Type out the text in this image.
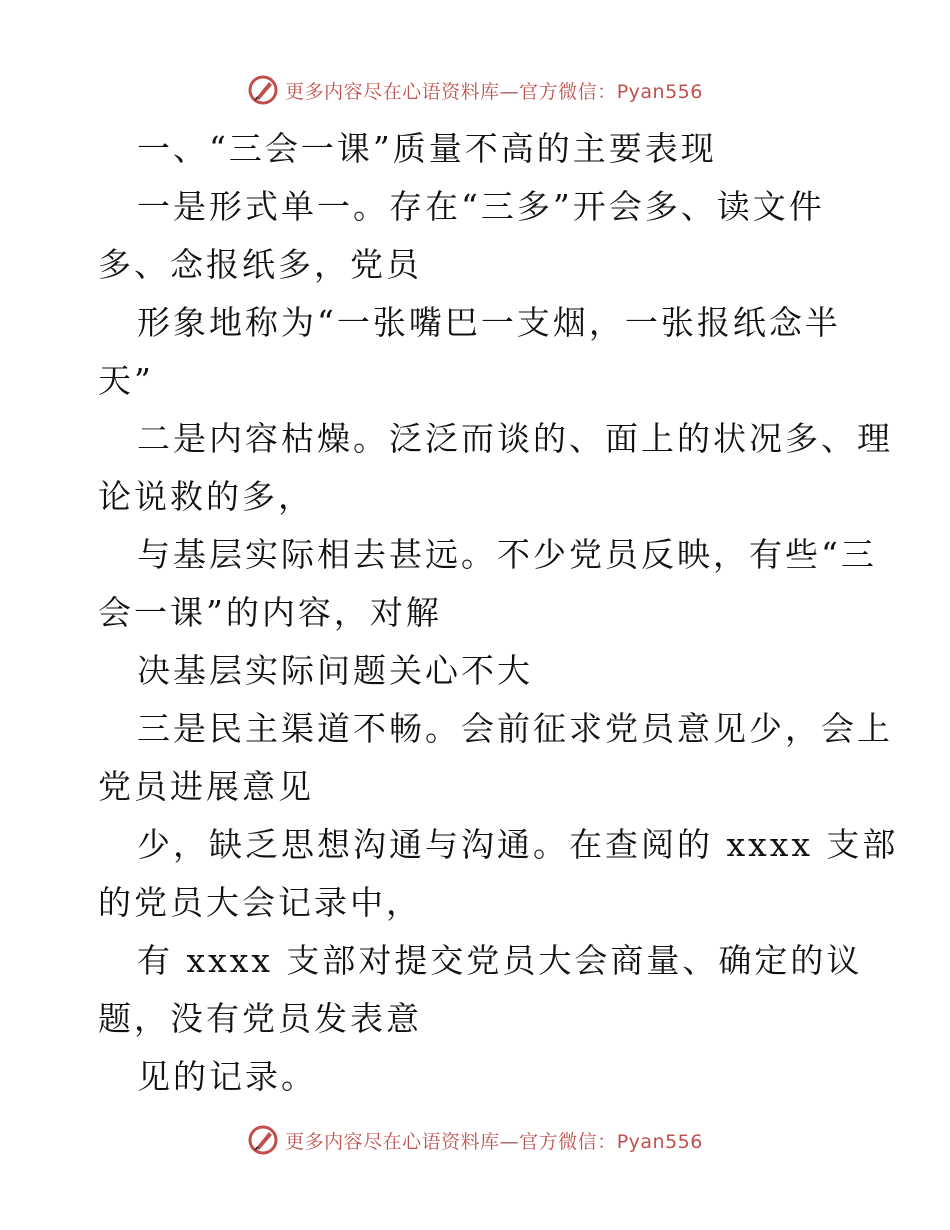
更多内容尽在心语资料库—官方微信：Pyan556
一、“三会一课”质量不高的主要表现
一是形式单一。存在“三多”开会多、读文件
多、念报纸多，党员
形象地称为“一张嘴巴一支烟，一张报纸念半
天”
二是内容枯燥。泛泛而谈的、面上的状况多、理
论说救的多，
与基层实际相去甚远。不少党员反映，有些“三
会一课”的内容，对解
决基层实际问题关心不大
三是民主渠道不畅。会前征求党员意见少，会上
党员进展意见
少，缺乏思想沟通与沟通。在查阅的 xxxx 支部
的党员大会记录中，
有 xxxx 支部对提交党员大会商量、确定的议
题，没有党员发表意
见的记录。
更多内容尽在心语资料库—官方微信：Pyan556
